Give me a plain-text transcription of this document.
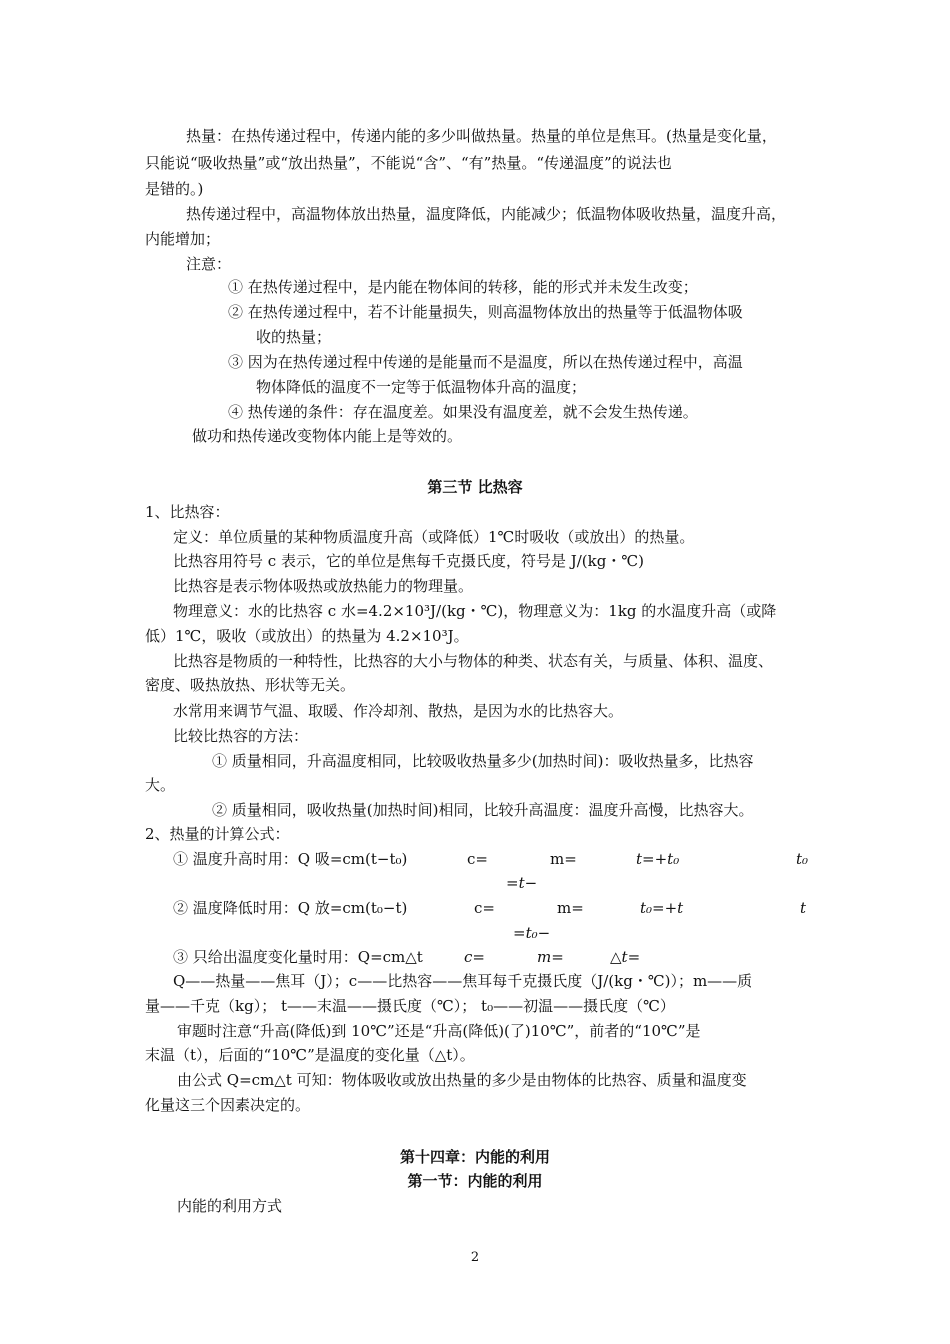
热量：在热传递过程中，传递内能的多少叫做热量。热量的单位是焦耳。(热量是变化量，
只能说“吸收热量”或“放出热量”，不能说“含”、“有”热量。“传递温度”的说法也
是错的。)
热传递过程中，高温物体放出热量，温度降低，内能减少；低温物体吸收热量，温度升高，
内能增加；
注意：
① 在热传递过程中，是内能在物体间的转移，能的形式并未发生改变；
② 在热传递过程中，若不计能量损失，则高温物体放出的热量等于低温物体吸
收的热量；
③ 因为在热传递过程中传递的是能量而不是温度，所以在热传递过程中，高温
物体降低的温度不一定等于低温物体升高的温度；
④ 热传递的条件：存在温度差。如果没有温度差，就不会发生热传递。
做功和热传递改变物体内能上是等效的。
第三节 比热容
1、比热容：
定义：单位质量的某种物质温度升高（或降低）1℃时吸收（或放出）的热量。
比热容用符号 c 表示，它的单位是焦每千克摄氏度，符号是 J/(kg・℃)
比热容是表示物体吸热或放热能力的物理量。
物理意义：水的比热容 c 水=4.2×10³J/(kg・℃)，物理意义为：1kg 的水温度升高（或降
低）1℃，吸收（或放出）的热量为 4.2×10³J。
比热容是物质的一种特性，比热容的大小与物体的种类、状态有关，与质量、体积、温度、
密度、吸热放热、形状等无关。
水常用来调节气温、取暖、作冷却剂、散热，是因为水的比热容大。
比较比热容的方法：
① 质量相同，升高温度相同，比较吸收热量多少(加热时间)：吸收热量多，比热容
大。
② 质量相同，吸收热量(加热时间)相同，比较升高温度：温度升高慢，比热容大。
2、热量的计算公式：
① 温度升高时用：Q 吸=cm(t−t₀)	c=	m=	t=+t₀	t₀
=t−
② 温度降低时用：Q 放=cm(t₀−t)	c=	m=	t₀=+t	t
=t₀−
③ 只给出温度变化量时用：Q=cm△t	c=	m=	△t=
Q——热量——焦耳（J）；c——比热容——焦耳每千克摄氏度（J/(kg・℃)）；m——质
量——千克（kg）； t——末温——摄氏度（℃）； t₀——初温——摄氏度（℃）
审题时注意“升高(降低)到 10℃”还是“升高(降低)(了)10℃”，前者的“10℃”是
末温（t），后面的“10℃”是温度的变化量（△t）。
由公式 Q=cm△t 可知：物体吸收或放出热量的多少是由物体的比热容、质量和温度变
化量这三个因素决定的。
第十四章：内能的利用
第一节：内能的利用
内能的利用方式
2
